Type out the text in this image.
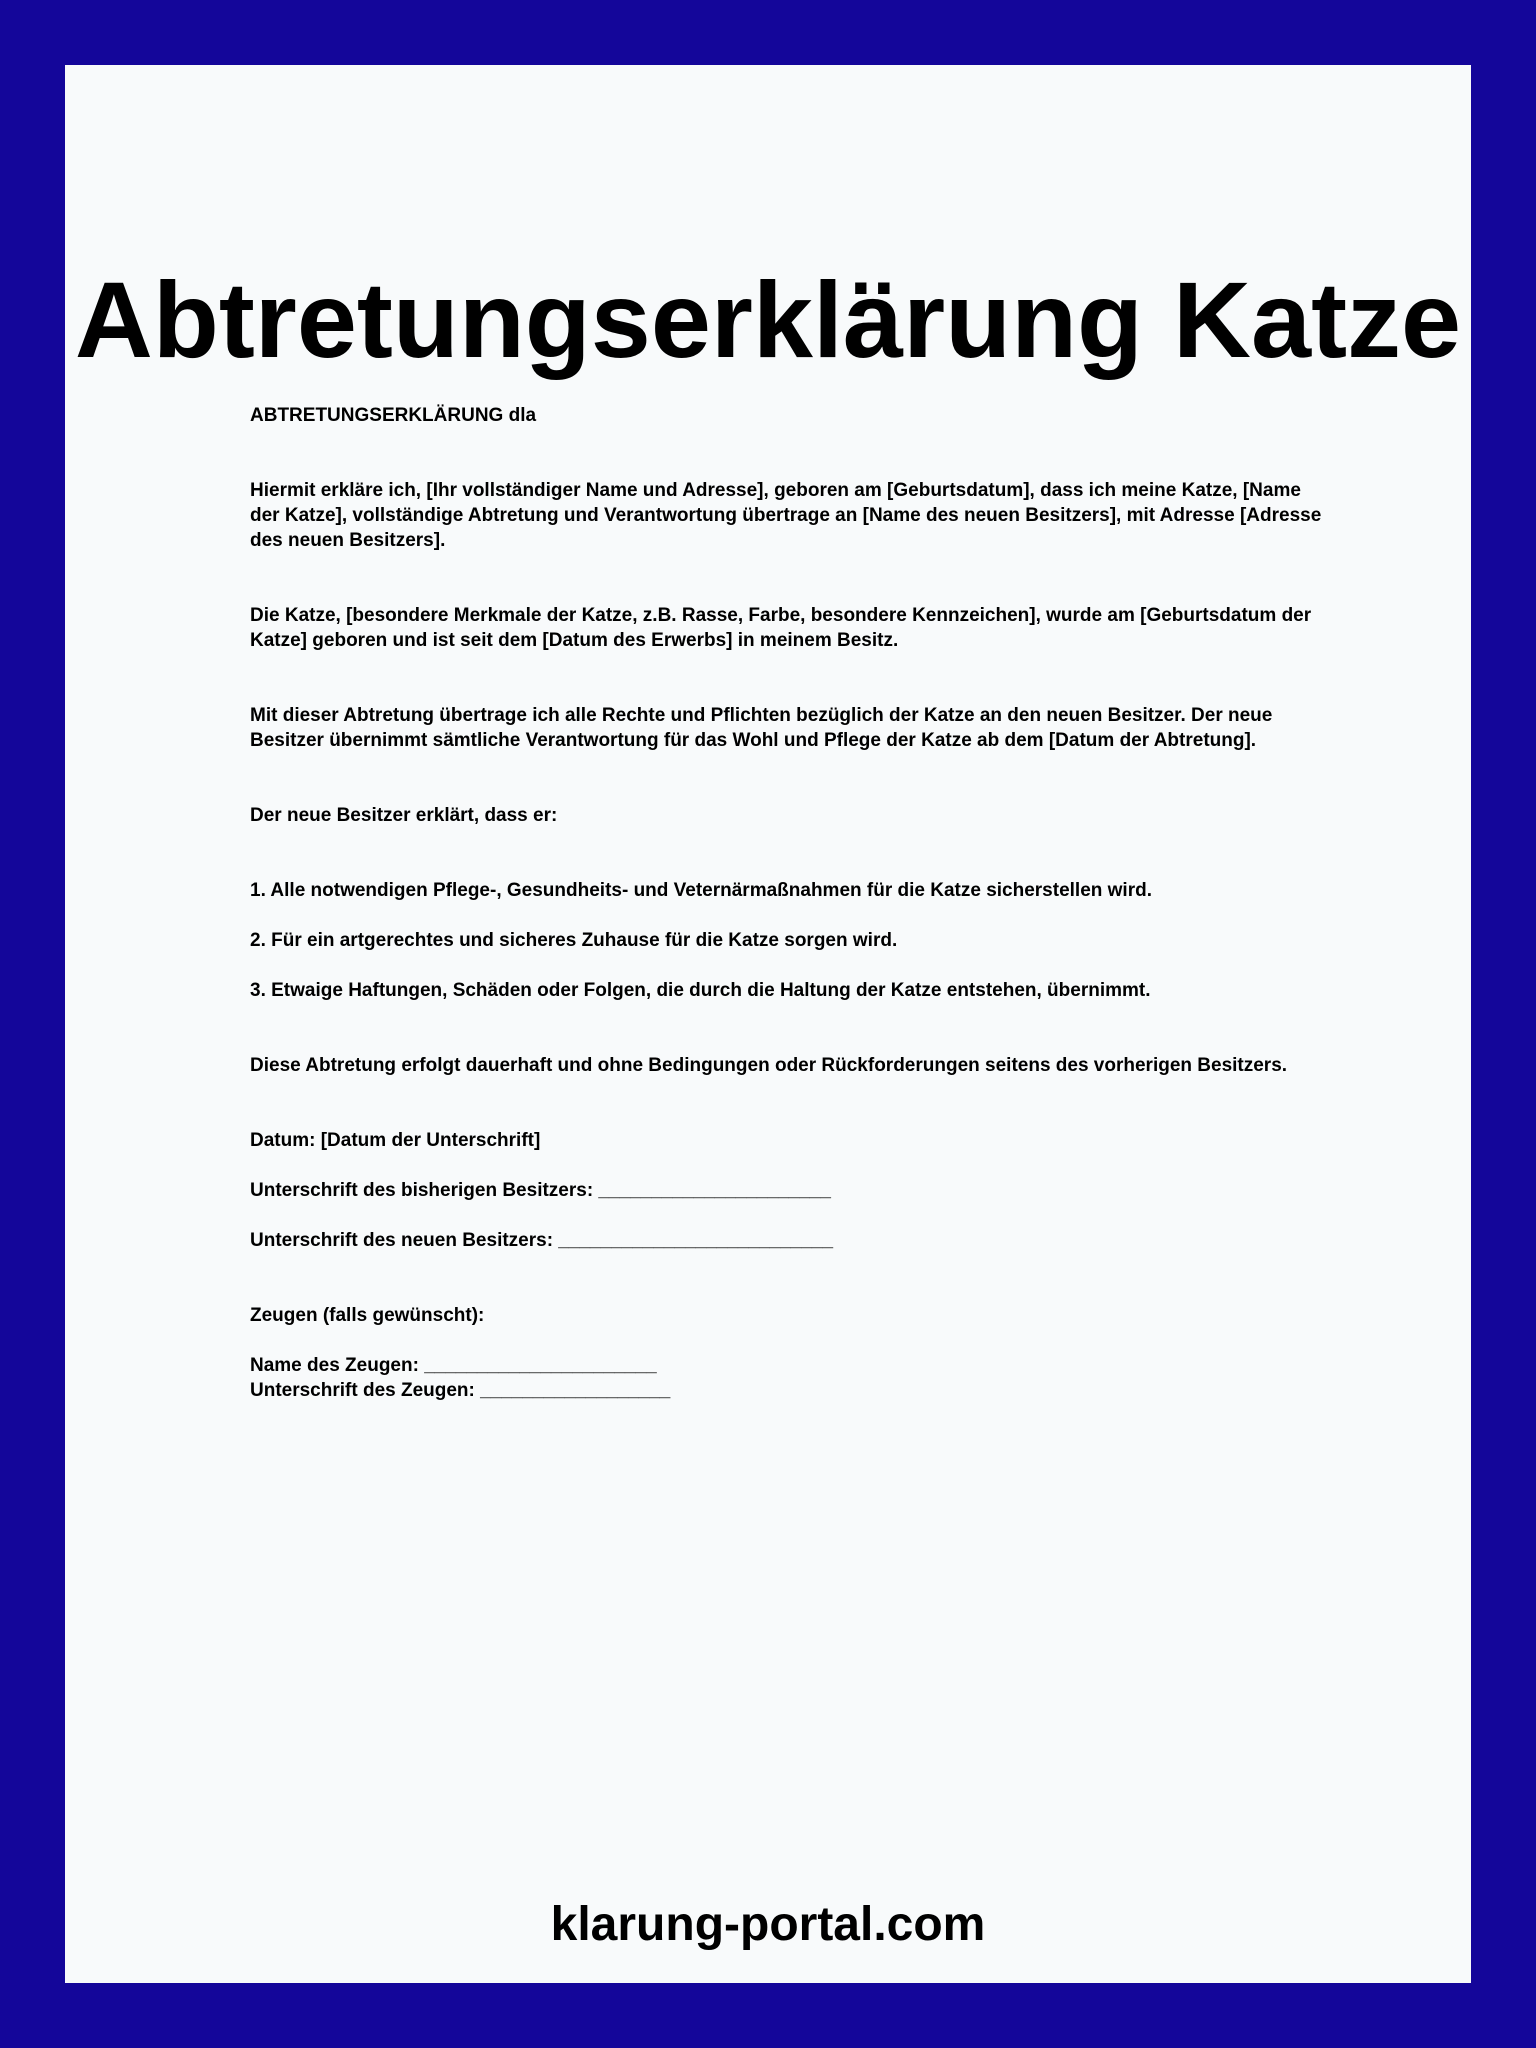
Abtretungserklärung Katze

ABTRETUNGSERKLÄRUNG dla

Hiermit erkläre ich, [Ihr vollständiger Name und Adresse], geboren am [Geburtsdatum], dass ich meine Katze, [Name der Katze], vollständige Abtretung und Verantwortung übertrage an [Name des neuen Besitzers], mit Adresse [Adresse des neuen Besitzers].

Die Katze, [besondere Merkmale der Katze, z.B. Rasse, Farbe, besondere Kennzeichen], wurde am [Geburtsdatum der Katze] geboren und ist seit dem [Datum des Erwerbs] in meinem Besitz.

Mit dieser Abtretung übertrage ich alle Rechte und Pflichten bezüglich der Katze an den neuen Besitzer. Der neue Besitzer übernimmt sämtliche Verantwortung für das Wohl und Pflege der Katze ab dem [Datum der Abtretung].

Der neue Besitzer erklärt, dass er:

1. Alle notwendigen Pflege-, Gesundheits- und Veternärmaßnahmen für die Katze sicherstellen wird.

2. Für ein artgerechtes und sicheres Zuhause für die Katze sorgen wird.

3. Etwaige Haftungen, Schäden oder Folgen, die durch die Haltung der Katze entstehen, übernimmt.

Diese Abtretung erfolgt dauerhaft und ohne Bedingungen oder Rückforderungen seitens des vorherigen Besitzers.

Datum: [Datum der Unterschrift]

Unterschrift des bisherigen Besitzers: ______________________

Unterschrift des neuen Besitzers: __________________________

Zeugen (falls gewünscht):

Name des Zeugen: ______________________

Unterschrift des Zeugen: __________________

klarung-portal.com
